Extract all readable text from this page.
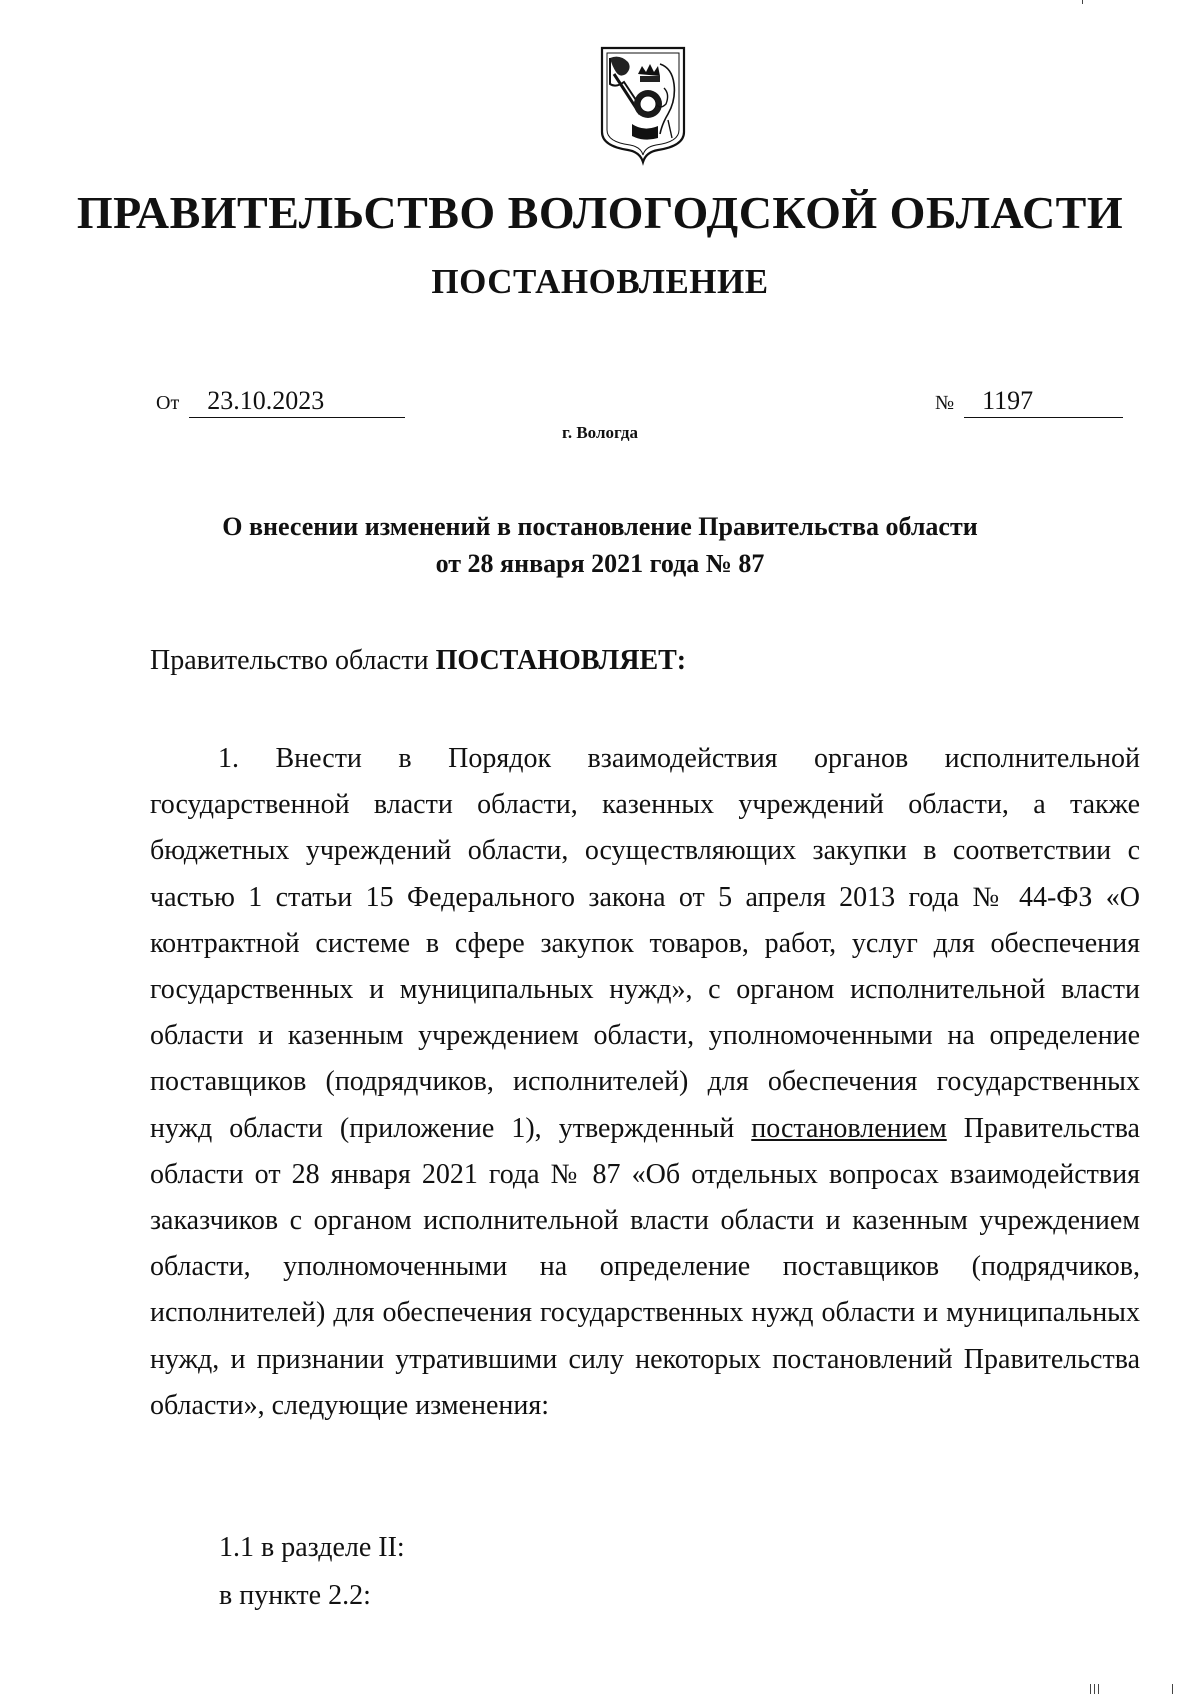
ПРАВИТЕЛЬСТВО ВОЛОГОДСКОЙ ОБЛАСТИ
ПОСТАНОВЛЕНИЕ
От 23.10.2023	№ 1197
г. Вологда
О внесении изменений в постановление Правительства области
от 28 января 2021 года № 87
Правительство области ПОСТАНОВЛЯЕТ:

1. Внести в Порядок взаимодействия органов исполнительной государственной власти области, казенных учреждений области, а также бюджетных учреждений области, осуществляющих закупки в соответствии с частью 1 статьи 15 Федерального закона от 5 апреля 2013 года № 44-ФЗ «О контрактной системе в сфере закупок товаров, работ, услуг для обеспечения государственных и муниципальных нужд», с органом исполнительной власти области и казенным учреждением области, уполномоченными на определение поставщиков (подрядчиков, исполнителей) для обеспечения государственных нужд области (приложение 1), утвержденный постановлением Правительства области от 28 января 2021 года № 87 «Об отдельных вопросах взаимодействия заказчиков с органом исполнительной власти области и казенным учреждением области, уполномоченными на определение поставщиков (подрядчиков, исполнителей) для обеспечения государственных нужд области и муниципальных нужд, и признании утратившими силу некоторых постановлений Правительства области», следующие изменения:

1.1 в разделе II:
в пункте 2.2:
